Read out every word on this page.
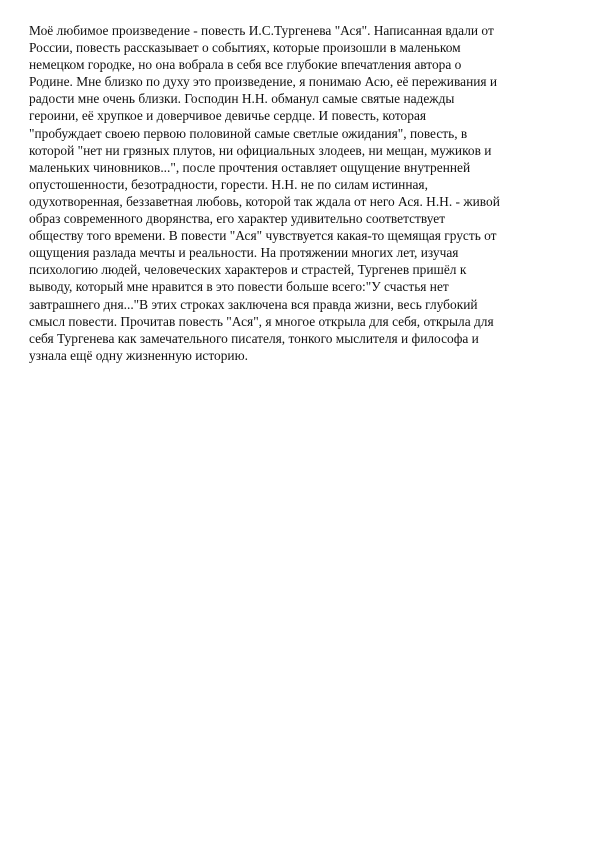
Моё любимое произведение - повесть И.С.Тургенева "Ася". Написанная вдали от
России, повесть рассказывает о событиях, которые произошли в маленьком
немецком городке, но она вобрала в себя все глубокие впечатления автора о
Родине. Мне близко по духу это произведение, я понимаю Асю, её переживания и
радости мне очень близки. Господин Н.Н. обманул самые святые надежды
героини, её хрупкое и доверчивое девичье сердце. И повесть, которая
"пробуждает своею первою половиной самые светлые ожидания", повесть, в
которой "нет ни грязных плутов, ни официальных злодеев, ни мещан, мужиков и
маленьких чиновников...", после прочтения оставляет ощущение внутренней
опустошенности, безотрадности, горести. Н.Н. не по силам истинная,
одухотворенная, беззаветная любовь, которой так ждала от него Ася. Н.Н. - живой
образ современного дворянства, его характер удивительно соответствует
обществу того времени. В повести "Ася" чувствуется какая-то щемящая грусть от
ощущения разлада мечты и реальности. На протяжении многих лет, изучая
психологию людей, человеческих характеров и страстей, Тургенев пришёл к
выводу, который мне нравится в это повести больше всего:"У счастья нет
завтрашнего дня..."В этих строках заключена вся правда жизни, весь глубокий
смысл повести. Прочитав повесть "Ася", я многое открыла для себя, открыла для
себя Тургенева как замечательного писателя, тонкого мыслителя и философа и
узнала ещё одну жизненную историю.
